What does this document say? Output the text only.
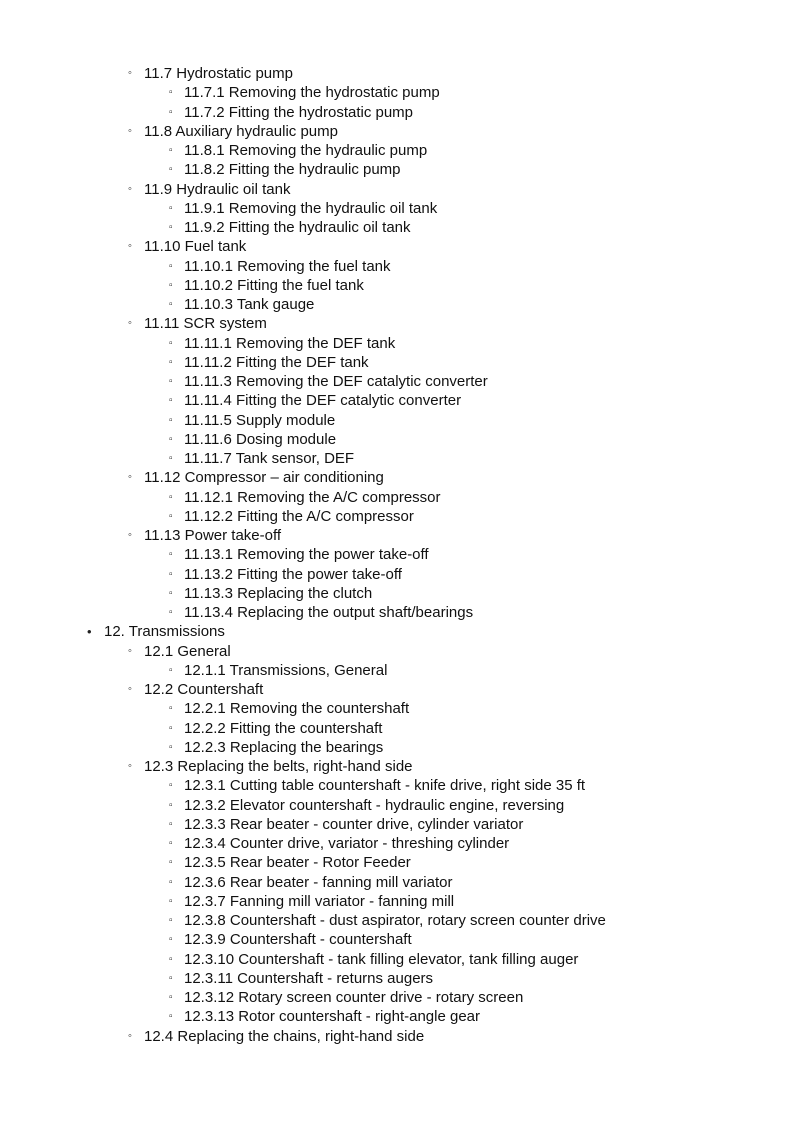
◦ 11.7 Hydrostatic pump
▫ 11.7.1 Removing the hydrostatic pump
▫ 11.7.2 Fitting the hydrostatic pump
◦ 11.8 Auxiliary hydraulic pump
▫ 11.8.1 Removing the hydraulic pump
▫ 11.8.2 Fitting the hydraulic pump
◦ 11.9 Hydraulic oil tank
▫ 11.9.1 Removing the hydraulic oil tank
▫ 11.9.2 Fitting the hydraulic oil tank
◦ 11.10 Fuel tank
▫ 11.10.1 Removing the fuel tank
▫ 11.10.2 Fitting the fuel tank
▫ 11.10.3 Tank gauge
◦ 11.11 SCR system
▫ 11.11.1 Removing the DEF tank
▫ 11.11.2 Fitting the DEF tank
▫ 11.11.3 Removing the DEF catalytic converter
▫ 11.11.4 Fitting the DEF catalytic converter
▫ 11.11.5 Supply module
▫ 11.11.6 Dosing module
▫ 11.11.7 Tank sensor, DEF
◦ 11.12 Compressor – air conditioning
▫ 11.12.1 Removing the A/C compressor
▫ 11.12.2 Fitting the A/C compressor
◦ 11.13 Power take-off
▫ 11.13.1 Removing the power take-off
▫ 11.13.2 Fitting the power take-off
▫ 11.13.3 Replacing the clutch
▫ 11.13.4 Replacing the output shaft/bearings
• 12. Transmissions
◦ 12.1 General
▫ 12.1.1 Transmissions, General
◦ 12.2 Countershaft
▫ 12.2.1 Removing the countershaft
▫ 12.2.2 Fitting the countershaft
▫ 12.2.3 Replacing the bearings
◦ 12.3 Replacing the belts, right-hand side
▫ 12.3.1 Cutting table countershaft - knife drive, right side 35 ft
▫ 12.3.2 Elevator countershaft - hydraulic engine, reversing
▫ 12.3.3 Rear beater - counter drive, cylinder variator
▫ 12.3.4 Counter drive, variator - threshing cylinder
▫ 12.3.5 Rear beater - Rotor Feeder
▫ 12.3.6 Rear beater - fanning mill variator
▫ 12.3.7 Fanning mill variator - fanning mill
▫ 12.3.8 Countershaft - dust aspirator, rotary screen counter drive
▫ 12.3.9 Countershaft - countershaft
▫ 12.3.10 Countershaft - tank filling elevator, tank filling auger
▫ 12.3.11 Countershaft - returns augers
▫ 12.3.12 Rotary screen counter drive - rotary screen
▫ 12.3.13 Rotor countershaft - right-angle gear
◦ 12.4 Replacing the chains, right-hand side
